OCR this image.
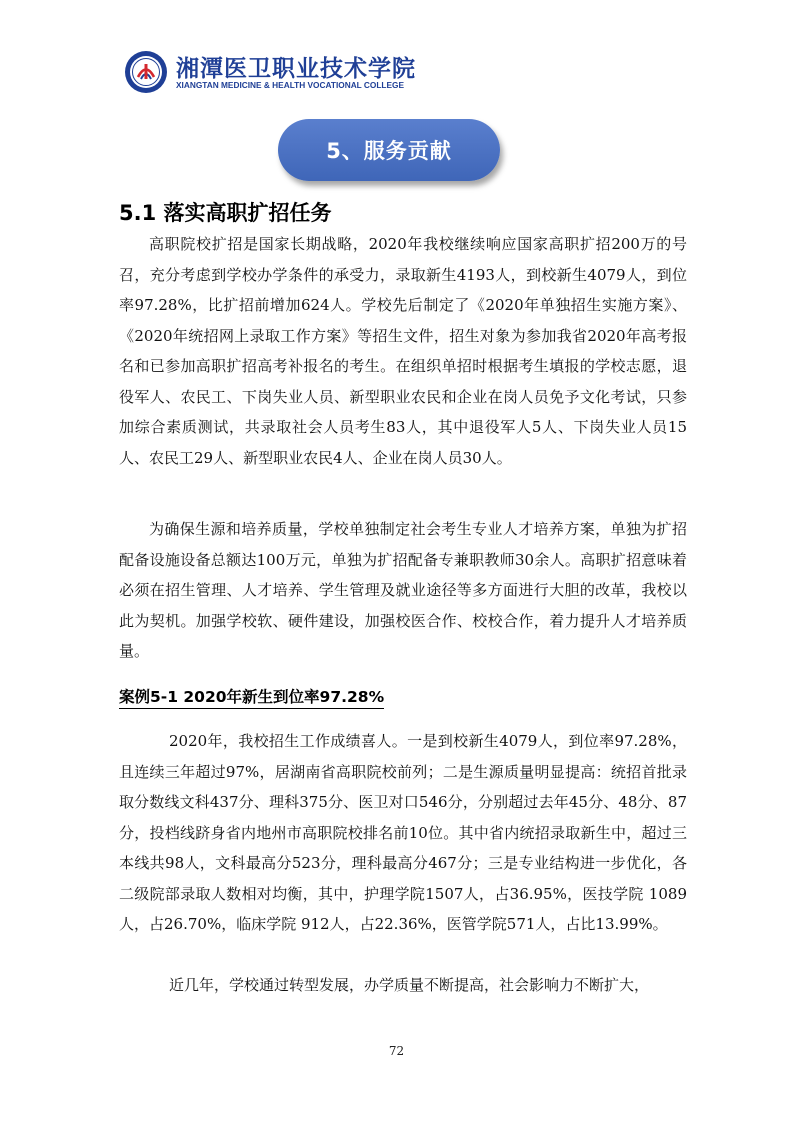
湘潭医卫职业技术学院
XIANGTAN MEDICINE & HEALTH VOCATIONAL COLLEGE
5、服务贡献
5.1 落实高职扩招任务

高职院校扩招是国家长期战略，2020年我校继续响应国家高职扩招200万的号召，充分考虑到学校办学条件的承受力，录取新生4193人，到校新生4079人，到位率97.28%，比扩招前增加624人。学校先后制定了《2020年单独招生实施方案》、《2020年统招网上录取工作方案》等招生文件，招生对象为参加我省2020年高考报名和已参加高职扩招高考补报名的考生。在组织单招时根据考生填报的学校志愿，退役军人、农民工、下岗失业人员、新型职业农民和企业在岗人员免予文化考试，只参加综合素质测试，共录取社会人员考生83人，其中退役军人5人、下岗失业人员15人、农民工29人、新型职业农民4人、企业在岗人员30人。

为确保生源和培养质量，学校单独制定社会考生专业人才培养方案，单独为扩招配备设施设备总额达100万元，单独为扩招配备专兼职教师30余人。高职扩招意味着必须在招生管理、人才培养、学生管理及就业途径等多方面进行大胆的改革，我校以此为契机。加强学校软、硬件建设，加强校医合作、校校合作，着力提升人才培养质量。

案例5-1 2020年新生到位率97.28%

2020年，我校招生工作成绩喜人。一是到校新生4079人，到位率97.28%，且连续三年超过97%，居湖南省高职院校前列；二是生源质量明显提高：统招首批录取分数线文科437分、理科375分、医卫对口546分，分别超过去年45分、48分、87分，投档线跻身省内地州市高职院校排名前10位。其中省内统招录取新生中，超过三本线共98人，文科最高分523分，理科最高分467分；三是专业结构进一步优化，各二级院部录取人数相对均衡，其中，护理学院1507人，占36.95%，医技学院 1089人，占26.70%，临床学院 912人，占22.36%，医管学院571人，占比13.99%。

近几年，学校通过转型发展，办学质量不断提高，社会影响力不断扩大，

72
